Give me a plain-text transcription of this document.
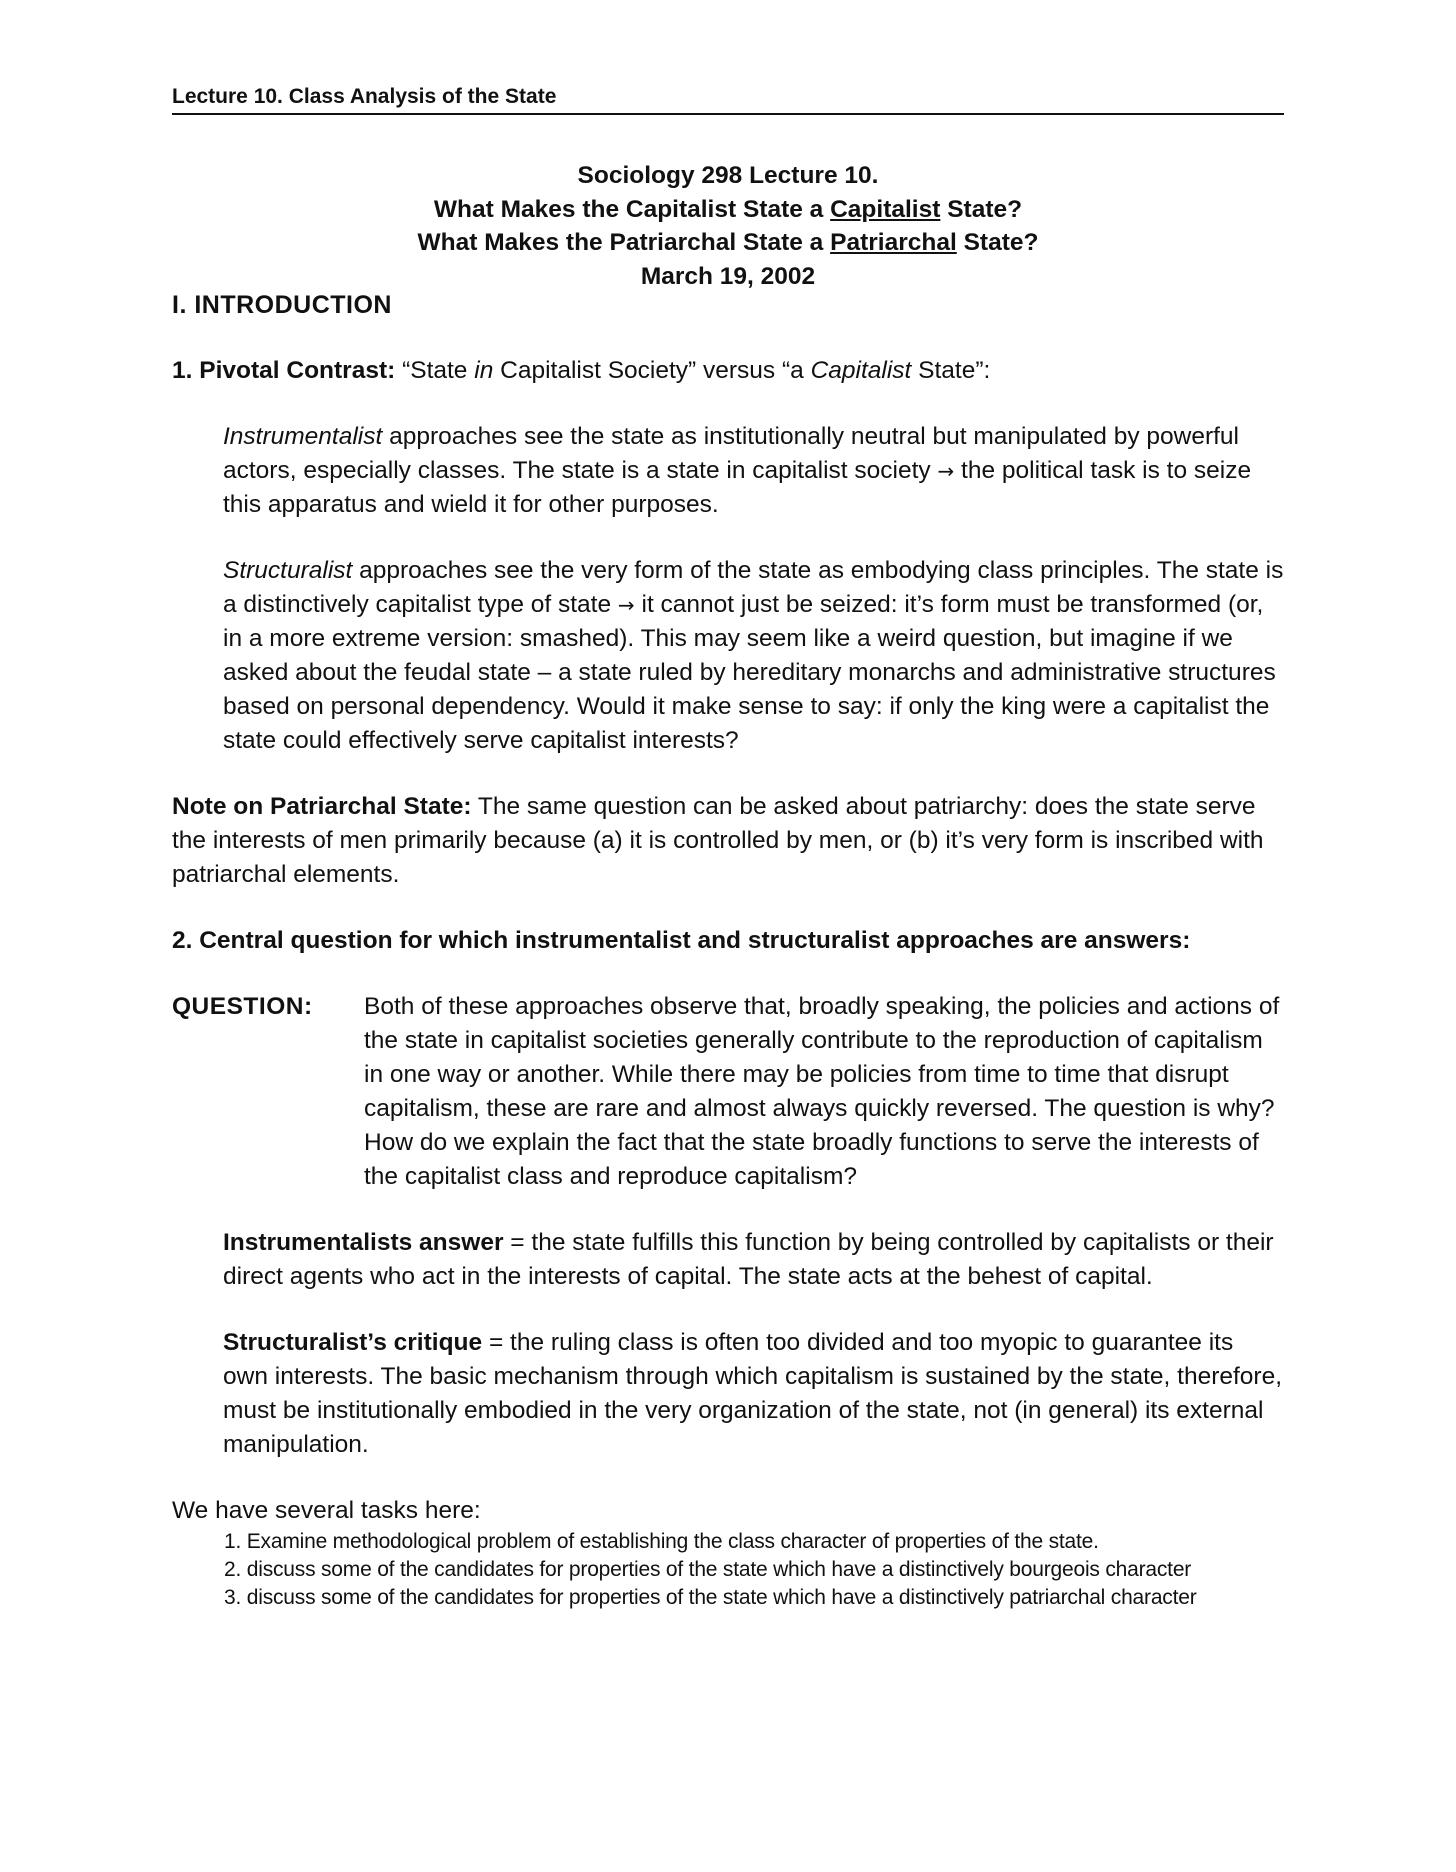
Lecture 10. Class Analysis of the State
Sociology 298 Lecture 10.
What Makes the Capitalist State a Capitalist State?
What Makes the Patriarchal State a Patriarchal State?
March 19, 2002
I. INTRODUCTION
1. Pivotal Contrast: “State in Capitalist Society” versus “a Capitalist State”:
Instrumentalist approaches see the state as institutionally neutral but manipulated by powerful actors, especially classes. The state is a state in capitalist society → the political task is to seize this apparatus and wield it for other purposes.
Structuralist approaches see the very form of the state as embodying class principles. The state is a distinctively capitalist type of state → it cannot just be seized: it’s form must be transformed (or, in a more extreme version: smashed). This may seem like a weird question, but imagine if we asked about the feudal state – a state ruled by hereditary monarchs and administrative structures based on personal dependency. Would it make sense to say: if only the king were a capitalist the state could effectively serve capitalist interests?
Note on Patriarchal State: The same question can be asked about patriarchy: does the state serve the interests of men primarily because (a) it is controlled by men, or (b) it’s very form is inscribed with patriarchal elements.
2. Central question for which instrumentalist and structuralist approaches are answers:
QUESTION:	Both of these approaches observe that, broadly speaking, the policies and actions of the state in capitalist societies generally contribute to the reproduction of capitalism in one way or another. While there may be policies from time to time that disrupt capitalism, these are rare and almost always quickly reversed. The question is why? How do we explain the fact that the state broadly functions to serve the interests of the capitalist class and reproduce capitalism?
Instrumentalists answer = the state fulfills this function by being controlled by capitalists or their direct agents who act in the interests of capital. The state acts at the behest of capital.
Structuralist’s critique = the ruling class is often too divided and too myopic to guarantee its own interests. The basic mechanism through which capitalism is sustained by the state, therefore, must be institutionally embodied in the very organization of the state, not (in general) its external manipulation.
We have several tasks here:
1. Examine methodological problem of establishing the class character of properties of the state.
2. discuss some of the candidates for properties of the state which have a distinctively bourgeois character
3. discuss some of the candidates for properties of the state which have a distinctively patriarchal character
